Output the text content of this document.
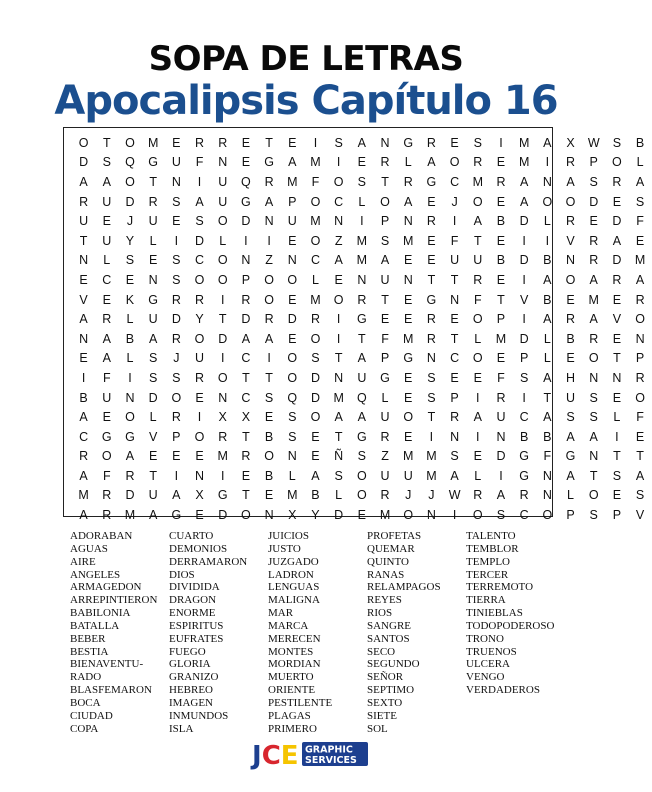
SOPA DE LETRAS
Apocalipsis Capítulo 16
O	T	O	M	E	R	R	E	T	E	I	S	A	N	G	R	E	S	I	M	A	X	W	S	B
D	S	Q	G	U	F	N	E	G	A	M	I	E	R	L	A	O	R	E	M	I	R	P	O	L
A	A	O	T	N	I	U	Q	R	M	F	O	S	T	R	G	C	M	R	A	N	A	S	R	A
R	U	D	R	S	A	U	G	A	P	O	C	L	O	A	E	J	O	E	A	O	O	D	E	S
U	E	J	U	E	S	O	D	N	U	M	N	I	P	N	R	I	A	B	D	L	R	E	D	F
T	U	Y	L	I	D	L	I	I	E	O	Z	M	S	M	E	F	T	E	I	I	V	R	A	E
N	L	S	E	S	C	O	N	Z	N	C	A	M	A	E	E	U	U	B	D	B	N	R	D	M
E	C	E	N	S	O	O	P	O	O	L	E	N	U	N	T	T	R	E	I	A	O	A	R	A
V	E	K	G	R	R	I	R	O	E	M	O	R	T	E	G	N	F	T	V	B	E	M	E	R
A	R	L	U	D	Y	T	D	R	D	R	I	G	E	E	R	E	O	P	I	A	R	A	V	O
N	A	B	A	R	O	D	A	A	E	O	I	T	F	M	R	T	L	M	D	L	B	R	E	N
E	A	L	S	J	U	I	C	I	O	S	T	A	P	G	N	C	O	E	P	L	E	O	T	P
I	F	I	S	S	R	O	T	T	O	D	N	U	G	E	S	E	E	F	S	A	H	N	N	R
B	U	N	D	O	E	N	C	S	Q	D	M	Q	L	E	S	P	I	R	I	T	U	S	E	O
A	E	O	L	R	I	X	X	E	S	O	A	A	U	O	T	R	A	U	C	A	S	S	L	F
C	G	G	V	P	O	R	T	B	S	E	T	G	R	E	I	N	I	N	B	B	A	A	I	E
R	O	A	E	E	E	M	R	O	N	E	Ñ	S	Z	M	M	S	E	D	G	F	G	N	T	T
A	F	R	T	I	N	I	E	B	L	A	S	O	U	U	M	A	L	I	G	N	A	T	S	A
M	R	D	U	A	X	G	T	E	M	B	L	O	R	J	J	W	R	A	R	N	L	O	E	S
A	R	M	A	G	E	D	O	N	X	Y	D	E	M	O	N	I	O	S	C	O	P	S	P	V
ADORABAN
AGUAS
AIRE
ANGELES
ARMAGEDON
ARREPINTIERON
BABILONIA
BATALLA
BEBER
BESTIA
BIENAVENTU-
RADO
BLASFEMARON
BOCA
CIUDAD
COPA
CUARTO
DEMONIOS
DERRAMARON
DIOS
DIVIDIDA
DRAGON
ENORME
ESPIRITUS
EUFRATES
FUEGO
GLORIA
GRANIZO
HEBREO
IMAGEN
INMUNDOS
ISLA
JUICIOS
JUSTO
JUZGADO
LADRON
LENGUAS
MALIGNA
MAR
MARCA
MERECEN
MONTES
MORDIAN
MUERTO
ORIENTE
PESTILENTE
PLAGAS
PRIMERO
PROFETAS
QUEMAR
QUINTO
RANAS
RELAMPAGOS
REYES
RIOS
SANGRE
SANTOS
SECO
SEGUNDO
SEÑOR
SEPTIMO
SEXTO
SIETE
SOL
TALENTO
TEMBLOR
TEMPLO
TERCER
TERREMOTO
TIERRA
TINIEBLAS
TODOPODEROSO
TRONO
TRUENOS
ULCERA
VENGO
VERDADEROS
JCE GRAPHIC
SERVICES
